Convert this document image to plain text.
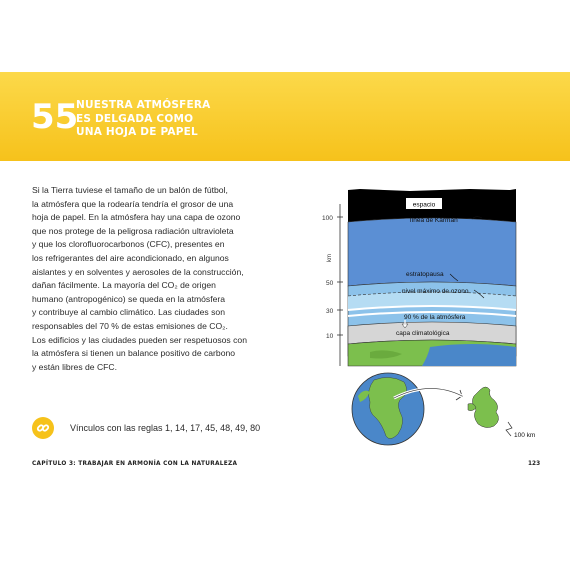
55
NUESTRA ATMÓSFERA
ES DELGADA COMO
UNA HOJA DE PAPEL
Si la Tierra tuviese el tamaño de un balón de fútbol,
la atmósfera que la rodearía tendría el grosor de una
hoja de papel. En la atmósfera hay una capa de ozono
que nos protege de la peligrosa radiación ultravioleta
y que los clorofluorocarbonos (CFC), presentes en
los refrigerantes del aire acondicionado, en algunos
aislantes y en solventes y aerosoles de la construcción,
dañan fácilmente. La mayoría del CO₂ de origen
humano (antropogénico) se queda en la atmósfera
y contribuye al cambio climático. Las ciudades son
responsables del 70 % de estas emisiones de CO₂.
Los edificios y las ciudades pueden ser respetuosos con
la atmósfera si tienen un balance positivo de carbono
y están libres de CFC.
Vínculos con las reglas 1, 14, 17, 45, 48, 49, 80
100
50
30
10
km
espacio
línea de Kármán
estratopausa
nivel máximo de ozono
90 % de la atmósfera
capa climatológica
100 km
CAPÍTULO 3: TRABAJAR EN ARMONÍA CON LA NATURALEZA	123
